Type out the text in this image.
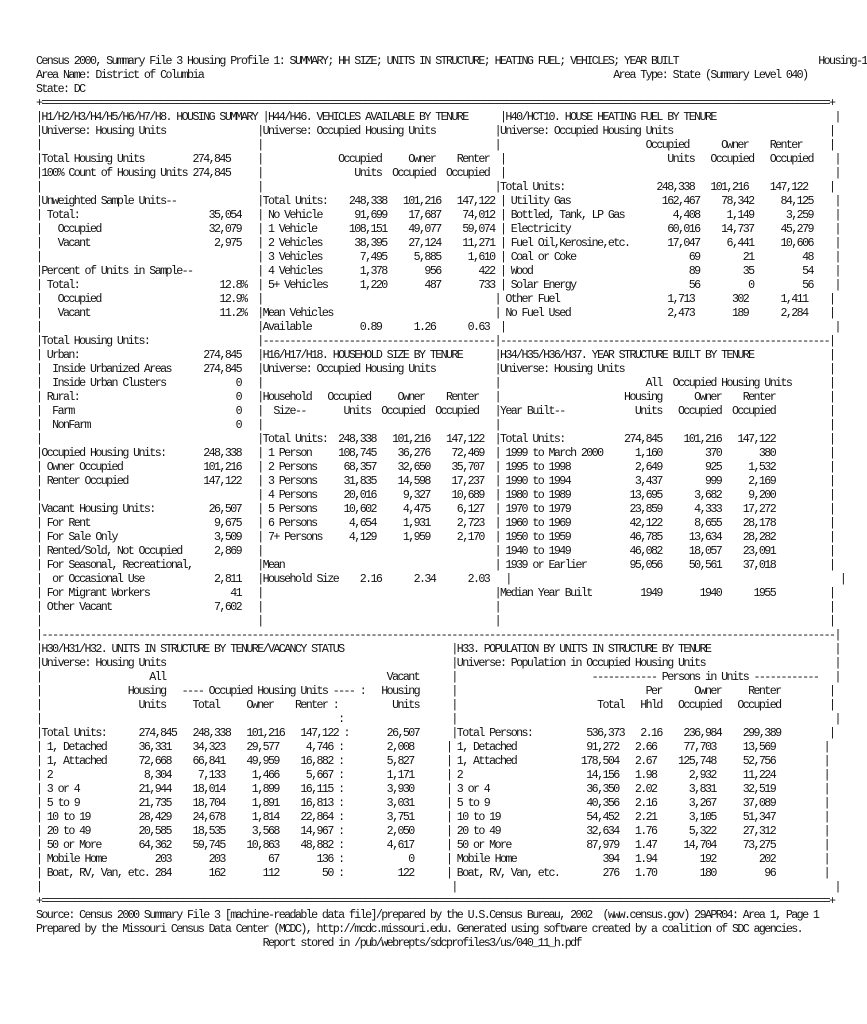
Census 2000, Summary File 3 Housing Profile 1: SUMMARY; HH SIZE; UNITS IN STRUCTURE; HEATING FUEL; VEHICLES; YEAR BUILT                          Housing-1
Area Name: District of Columbia                                                                            Area Type: State (Summary Level 040)
State: DC
+==================================================================================================================================================+
|H1/H2/H3/H4/H5/H6/H7/H8. HOUSING SUMMARY |H44/H46. VEHICLES AVAILABLE BY TENURE      |H40/HCT10. HOUSE HEATING FUEL BY TENURE                      |
|Universe: Housing Units                 |Universe: Occupied Housing Units           |Universe: Occupied Housing Units                             |
|                                        |                                           |                           Occupied      Owner    Renter     |
|Total Housing Units         274,845     |              Occupied     Owner    Renter  |                              Units   Occupied   Occupied    |
|100% Count of Housing Units 274,845     |                 Units  Occupied  Occupied  |                                                             |
|                                        |                                           |Total Units:                 248,338   101,216    147,122    |
|Unweighted Sample Units--               |Total Units:    248,338   101,216   147,122 | Utility Gas                 162,467    78,342     84,125    |
| Total:                        35,054   | No Vehicle      91,699    17,687    74,012 | Bottled, Tank, LP Gas         4,408     1,149      3,259    |
|   Occupied                    32,079   | 1 Vehicle      108,151    49,077    59,074 | Electricity                  60,016    14,737     45,279    |
|   Vacant                       2,975   | 2 Vehicles      38,395    27,124    11,271 | Fuel Oil,Kerosine,etc.       17,047     6,441     10,606    |
|                                        | 3 Vehicles       7,495     5,885     1,610 | Coal or Coke                     69        21         48    |
|Percent of Units in Sample--            | 4 Vehicles       1,378       956       422 | Wood                             89        35         54    |
| Total:                          12.8%  | 5+ Vehicles      1,220       487       733 | Solar Energy                     56         0         56    |
|   Occupied                      12.9%  |                                           | Other Fuel                    1,713       302      1,411    |
|   Vacant                        11.2%  |Mean Vehicles                              | No Fuel Used                  2,473       189      2,284    |
|                                        |Available         0.89      1.26      0.63  |                                                             |
|Total Housing Units:                    |-------------------------------------------|-------------------------------------------------------------|
| Urban:                       274,845   |H16/H17/H18. HOUSEHOLD SIZE BY TENURE      |H34/H35/H36/H37. YEAR STRUCTURE BUILT BY TENURE              |
|  Inside Urbanized Areas      274,845   |Universe: Occupied Housing Units           |Universe: Housing Units                                      |
|  Inside Urban Clusters             0   |                                           |                           All  Occupied Housing Units       |
| Rural:                             0   |Household   Occupied     Owner    Renter   |                       Housing      Owner    Renter          |
|  Farm                              0   |  Size--       Units  Occupied  Occupied   |Year Built--             Units   Occupied  Occupied          |
|  NonFarm                           0   |                                           |                                                             |
|                                        |Total Units:  248,338   101,216   147,122  |Total Units:           274,845    101,216   147,122          |
|Occupied Housing Units:       248,338   | 1 Person     108,745    36,276    72,469  | 1999 to March 2000      1,160        370       380          |
| Owner Occupied               101,216   | 2 Persons     68,357    32,650    35,707  | 1995 to 1998            2,649        925     1,532          |
| Renter Occupied              147,122   | 3 Persons     31,835    14,598    17,237  | 1990 to 1994            3,437        999     2,169          |
|                                        | 4 Persons     20,016     9,327    10,689  | 1980 to 1989           13,695      3,682     9,200          |
|Vacant Housing Units:          26,507   | 5 Persons     10,602     4,475     6,127  | 1970 to 1979           23,859      4,333    17,272          |
| For Rent                       9,675   | 6 Persons      4,654     1,931     2,723  | 1960 to 1969           42,122      8,655    28,178          |
| For Sale Only                  3,509   | 7+ Persons     4,129     1,959     2,170  | 1950 to 1959           46,785     13,634    28,282          |
| Rented/Sold, Not Occupied      2,869   |                                           | 1940 to 1949           46,082     18,057    23,091          |
| For Seasonal, Recreational,            |Mean                                       | 1939 or Earlier        95,056     50,561    37,018          |
|  or Occasional Use             2,811   |Household Size    2.16      2.34      2.03   |                                                             |
| For Migrant Workers               41   |                                           |Median Year Built         1949       1940      1955          |
| Other Vacant                   7,602   |                                           |                                                             |
|                                        |                                           |                                                             |
|---------------------------------------------------------------------------------------------------------------------------------------------------|
|H30/H31/H32. UNITS IN STRUCTURE BY TENURE/VACANCY STATUS                    |H33. POPULATION BY UNITS IN STRUCTURE BY TENURE                       |
|Universe: Housing Units                                                     |Universe: Population in Occupied Housing Units                        |
|                    All                                         Vacant      |                         ------------ Persons in Units ------------   |
|                Housing   ---- Occupied Housing Units ---- :   Housing      |                                   Per      Owner     Renter         |
|                  Units     Total     Owner    Renter :          Units      |                          Total   Hhld   Occupied   Occupied         |
|                                                       :                    |                                                                      |
|Total Units:      274,845   248,338   101,216   147,122 :       26,507      |Total Persons:          536,373   2.16    236,984    299,389         |
| 1, Detached      36,331    34,323    29,577     4,746 :        2,008      | 1, Detached             91,272   2.66     77,703     13,569         |
| 1, Attached      72,668    66,841    49,959    16,882 :        5,827      | 1, Attached            178,504   2.67    125,748     52,756         |
| 2                 8,304     7,133     1,466     5,667 :        1,171      | 2                       14,156   1.98      2,932     11,224         |
| 3 or 4           21,944    18,014     1,899    16,115 :        3,930      | 3 or 4                  36,350   2.02      3,831     32,519         |
| 5 to 9           21,735    18,704     1,891    16,813 :        3,031      | 5 to 9                  40,356   2.16      3,267     37,089         |
| 10 to 19         28,429    24,678     1,814    22,864 :        3,751      | 10 to 19                54,452   2.21      3,105     51,347         |
| 20 to 49         20,585    18,535     3,568    14,967 :        2,050      | 20 to 49                32,634   1.76      5,322     27,312         |
| 50 or More       64,362    59,745    10,863    48,882 :        4,617      | 50 or More              87,979   1.47     14,704     73,275         |
| Mobile Home         203       203        67       136 :            0      | Mobile Home                394   1.94        192        202         |
| Boat, RV, Van, etc. 284       162       112        50 :          122      | Boat, RV, Van, etc.        276   1.70        180         96         |
|                                                                            |                                                                      |
+==================================================================================================================================================+
Source: Census 2000 Summary File 3 [machine-readable data file]/prepared by the U.S.Census Bureau, 2002  (www.census.gov) 29APR04: Area 1, Page 1
Prepared by the Missouri Census Data Center (MCDC), http://mcdc.missouri.edu. Generated using software created by a coalition of SDC agencies.
Report stored in /pub/webrepts/sdcprofiles3/us/040_11_h.pdf
